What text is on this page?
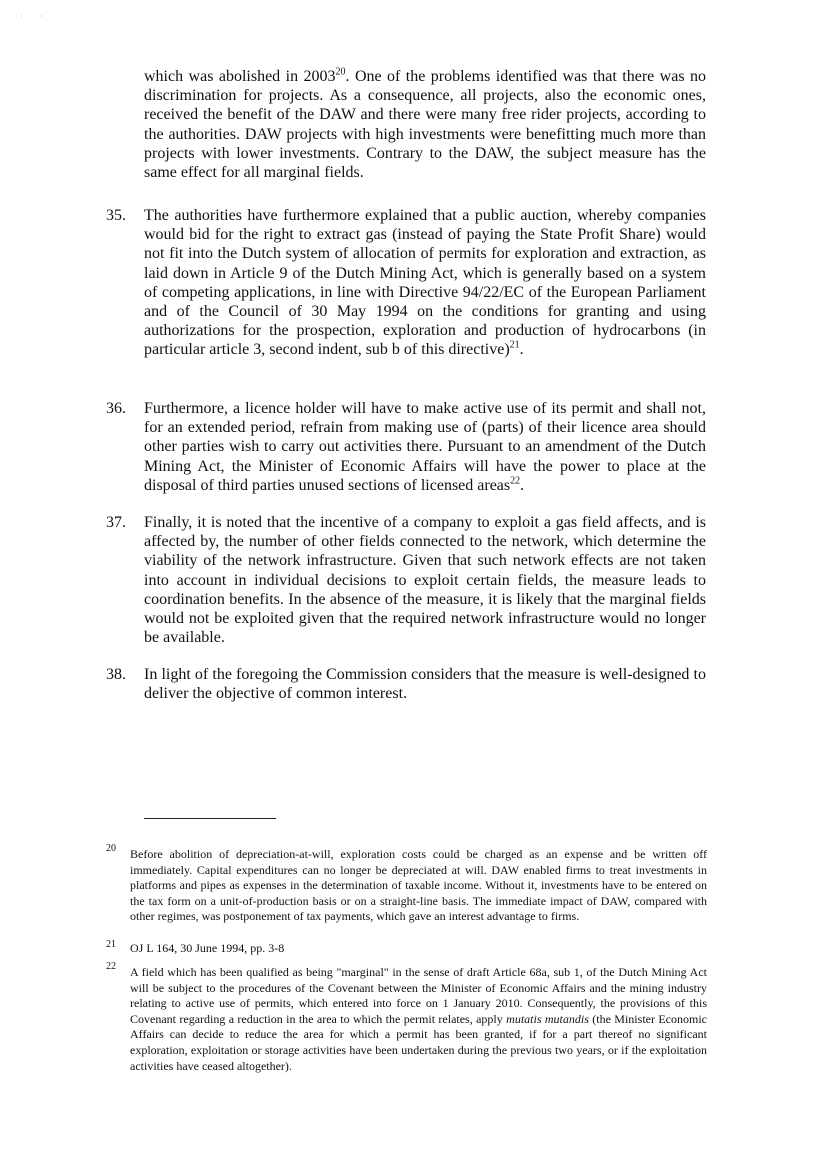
· ·
which was abolished in 2003$^{20}$. One of the problems identified was that there was no discrimination for projects. As a consequence, all projects, also the economic ones, received the benefit of the DAW and there were many free rider projects, according to the authorities. DAW projects with high investments were benefitting much more than projects with lower investments. Contrary to the DAW, the subject measure has the same effect for all marginal fields.
35. The authorities have furthermore explained that a public auction, whereby companies would bid for the right to extract gas (instead of paying the State Profit Share) would not fit into the Dutch system of allocation of permits for exploration and extraction, as laid down in Article 9 of the Dutch Mining Act, which is generally based on a system of competing applications, in line with Directive 94/22/EC of the European Parliament and of the Council of 30 May 1994 on the conditions for granting and using authorizations for the prospection, exploration and production of hydrocarbons (in particular article 3, second indent, sub b of this directive)$^{21}$.
36. Furthermore, a licence holder will have to make active use of its permit and shall not, for an extended period, refrain from making use of (parts) of their licence area should other parties wish to carry out activities there. Pursuant to an amendment of the Dutch Mining Act, the Minister of Economic Affairs will have the power to place at the disposal of third parties unused sections of licensed areas$^{22}$.
37. Finally, it is noted that the incentive of a company to exploit a gas field affects, and is affected by, the number of other fields connected to the network, which determine the viability of the network infrastructure. Given that such network effects are not taken into account in individual decisions to exploit certain fields, the measure leads to coordination benefits. In the absence of the measure, it is likely that the marginal fields would not be exploited given that the required network infrastructure would no longer be available.
38. In light of the foregoing the Commission considers that the measure is well-designed to deliver the objective of common interest.
20 Before abolition of depreciation-at-will, exploration costs could be charged as an expense and be written off immediately. Capital expenditures can no longer be depreciated at will. DAW enabled firms to treat investments in platforms and pipes as expenses in the determination of taxable income. Without it, investments have to be entered on the tax form on a unit-of-production basis or on a straight-line basis. The immediate impact of DAW, compared with other regimes, was postponement of tax payments, which gave an interest advantage to firms.
21 OJ L 164, 30 June 1994, pp. 3-8
22 A field which has been qualified as being "marginal" in the sense of draft Article 68a, sub 1, of the Dutch Mining Act will be subject to the procedures of the Covenant between the Minister of Economic Affairs and the mining industry relating to active use of permits, which entered into force on 1 January 2010. Consequently, the provisions of this Covenant regarding a reduction in the area to which the permit relates, apply mutatis mutandis (the Minister Economic Affairs can decide to reduce the area for which a permit has been granted, if for a part thereof no significant exploration, exploitation or storage activities have been undertaken during the previous two years, or if the exploitation activities have ceased altogether).
